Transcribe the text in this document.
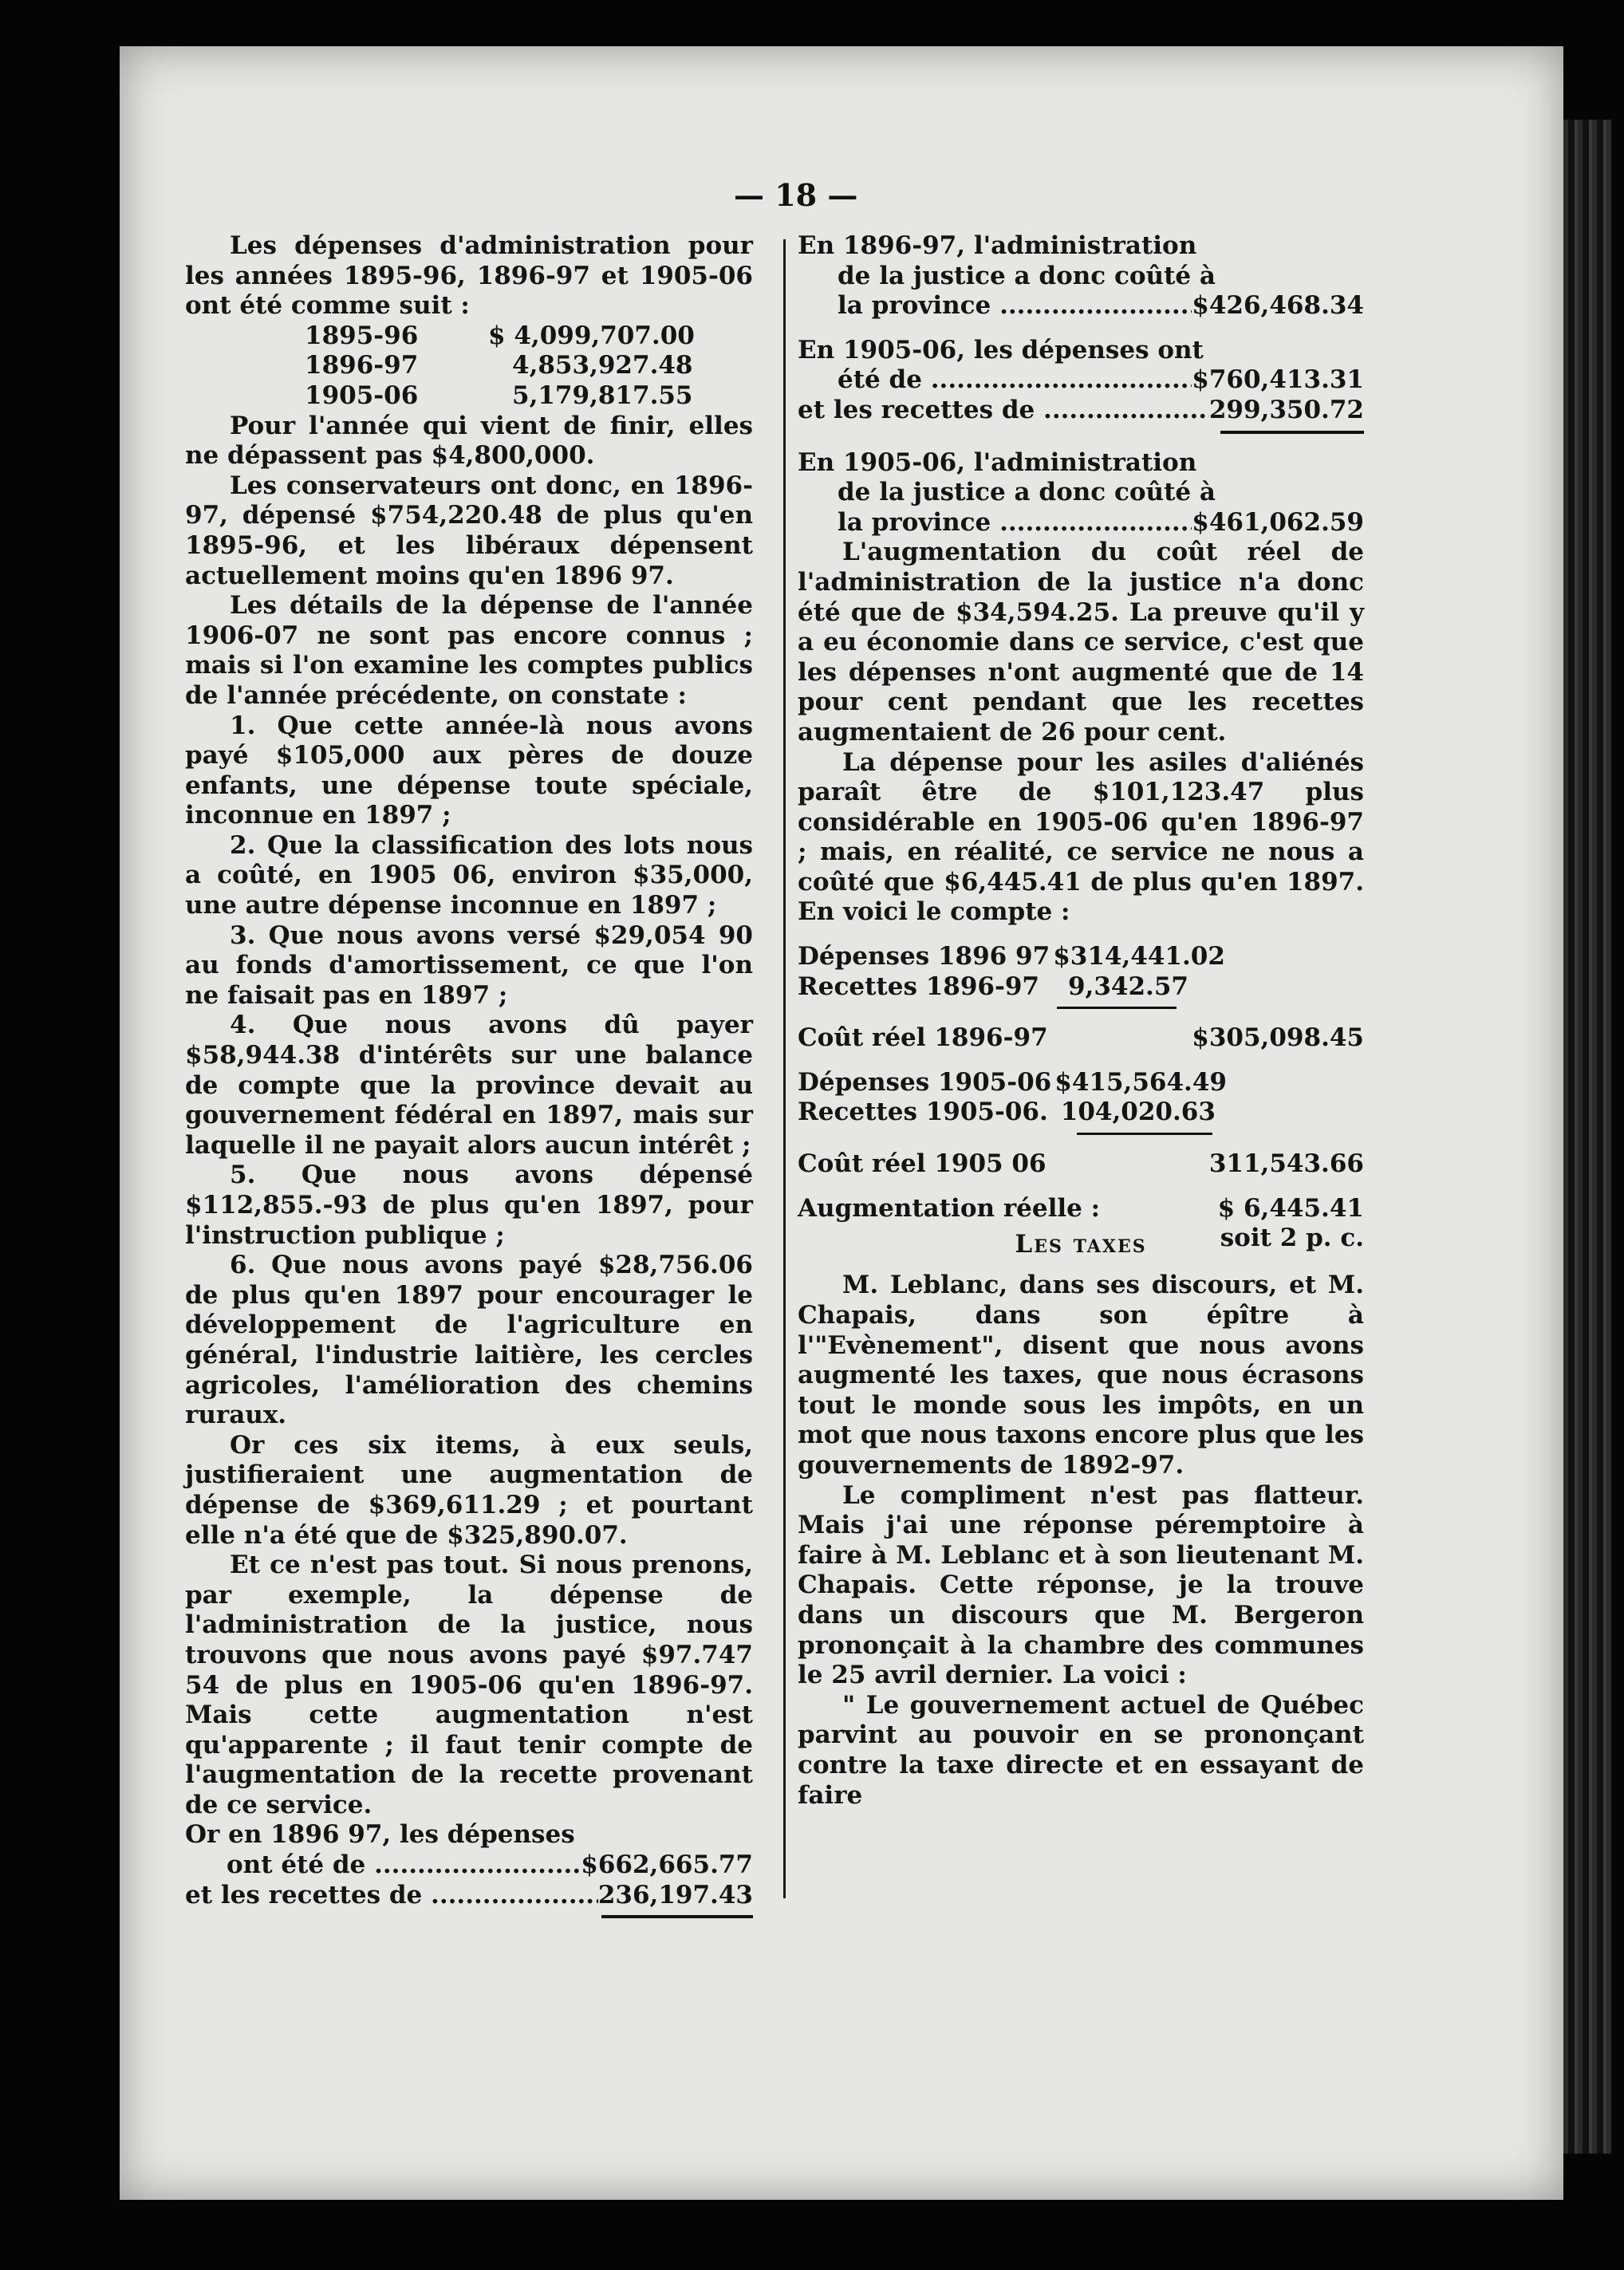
— 18 —

Les dépenses d'administration pour les années 1895-96, 1896-97 et 1905-06 ont été comme suit :

1895-96	$ 4,099,707.00
1896-97	4,853,927.48
1905-06	5,179,817.55

Pour l'année qui vient de finir, elles ne dépassent pas $4,800,000.

Les conservateurs ont donc, en 1896-97, dépensé $754,220.48 de plus qu'en 1895-96, et les libéraux dépensent actuellement moins qu'en 1896 97.

Les détails de la dépense de l'année 1906-07 ne sont pas encore connus ; mais si l'on examine les comptes publics de l'année précédente, on constate :

1. Que cette année-là nous avons payé $105,000 aux pères de douze enfants, une dépense toute spéciale, inconnue en 1897 ;

2. Que la classification des lots nous a coûté, en 1905 06, environ $35,000, une autre dépense inconnue en 1897 ;

3. Que nous avons versé $29,054 90 au fonds d'amortissement, ce que l'on ne faisait pas en 1897 ;

4. Que nous avons dû payer $58,944.38 d'intérêts sur une balance de compte que la province devait au gouvernement fédéral en 1897, mais sur laquelle il ne payait alors aucun intérêt ;

5. Que nous avons dépensé $112,855.-93 de plus qu'en 1897, pour l'instruction publique ;

6. Que nous avons payé $28,756.06 de plus qu'en 1897 pour encourager le développement de l'agriculture en général, l'industrie laitière, les cercles agricoles, l'amélioration des chemins ruraux.

Or ces six items, à eux seuls, justifieraient une augmentation de dépense de $369,611.29 ; et pourtant elle n'a été que de $325,890.07.

Et ce n'est pas tout. Si nous prenons, par exemple, la dépense de l'administration de la justice, nous trouvons que nous avons payé $97.747 54 de plus en 1905-06 qu'en 1896-97. Mais cette augmentation n'est qu'apparente ; il faut tenir compte de l'augmentation de la recette provenant de ce service.

Or en 1896 97, les dépenses

ont été de .....	$662,665.77
et les recettes de .....	236,197.43

En 1896-97, l'administration

de la justice a donc coûté à

la province .....	$426,468.34

En 1905-06, les dépenses ont

été de .....	$760,413.31
et les recettes de .....	299,350.72

En 1905-06, l'administration

de la justice a donc coûté à

la province .....	$461,062.59

L'augmentation du coût réel de l'administration de la justice n'a donc été que de $34,594.25. La preuve qu'il y a eu économie dans ce service, c'est que les dépenses n'ont augmenté que de 14 pour cent pendant que les recettes augmentaient de 26 pour cent.

La dépense pour les asiles d'aliénés paraît être de $101,123.47 plus considérable en 1905-06 qu'en 1896-97 ; mais, en réalité, ce service ne nous a coûté que $6,445.41 de plus qu'en 1897. En voici le compte :

Dépenses 1896 97 $314,441.02
Recettes 1896-97 9,342.57
Coût réel 1896-97	$305,098.45
Dépenses 1905-06 $415,564.49
Recettes 1905-06. 104,020.63
Coût réel 1905 06	311,543.66
Augmentation réelle :	$ 6,445.41
soit 2 p. c.

Les taxes

M. Leblanc, dans ses discours, et M. Chapais, dans son épître à l'"Evènement", disent que nous avons augmenté les taxes, que nous écrasons tout le monde sous les impôts, en un mot que nous taxons encore plus que les gouvernements de 1892-97.

Le compliment n'est pas flatteur. Mais j'ai une réponse péremptoire à faire à M. Leblanc et à son lieutenant M. Chapais. Cette réponse, je la trouve dans un discours que M. Bergeron prononçait à la chambre des communes le 25 avril dernier. La voici :

" Le gouvernement actuel de Québec parvint au pouvoir en se prononçant contre la taxe directe et en essayant de faire
